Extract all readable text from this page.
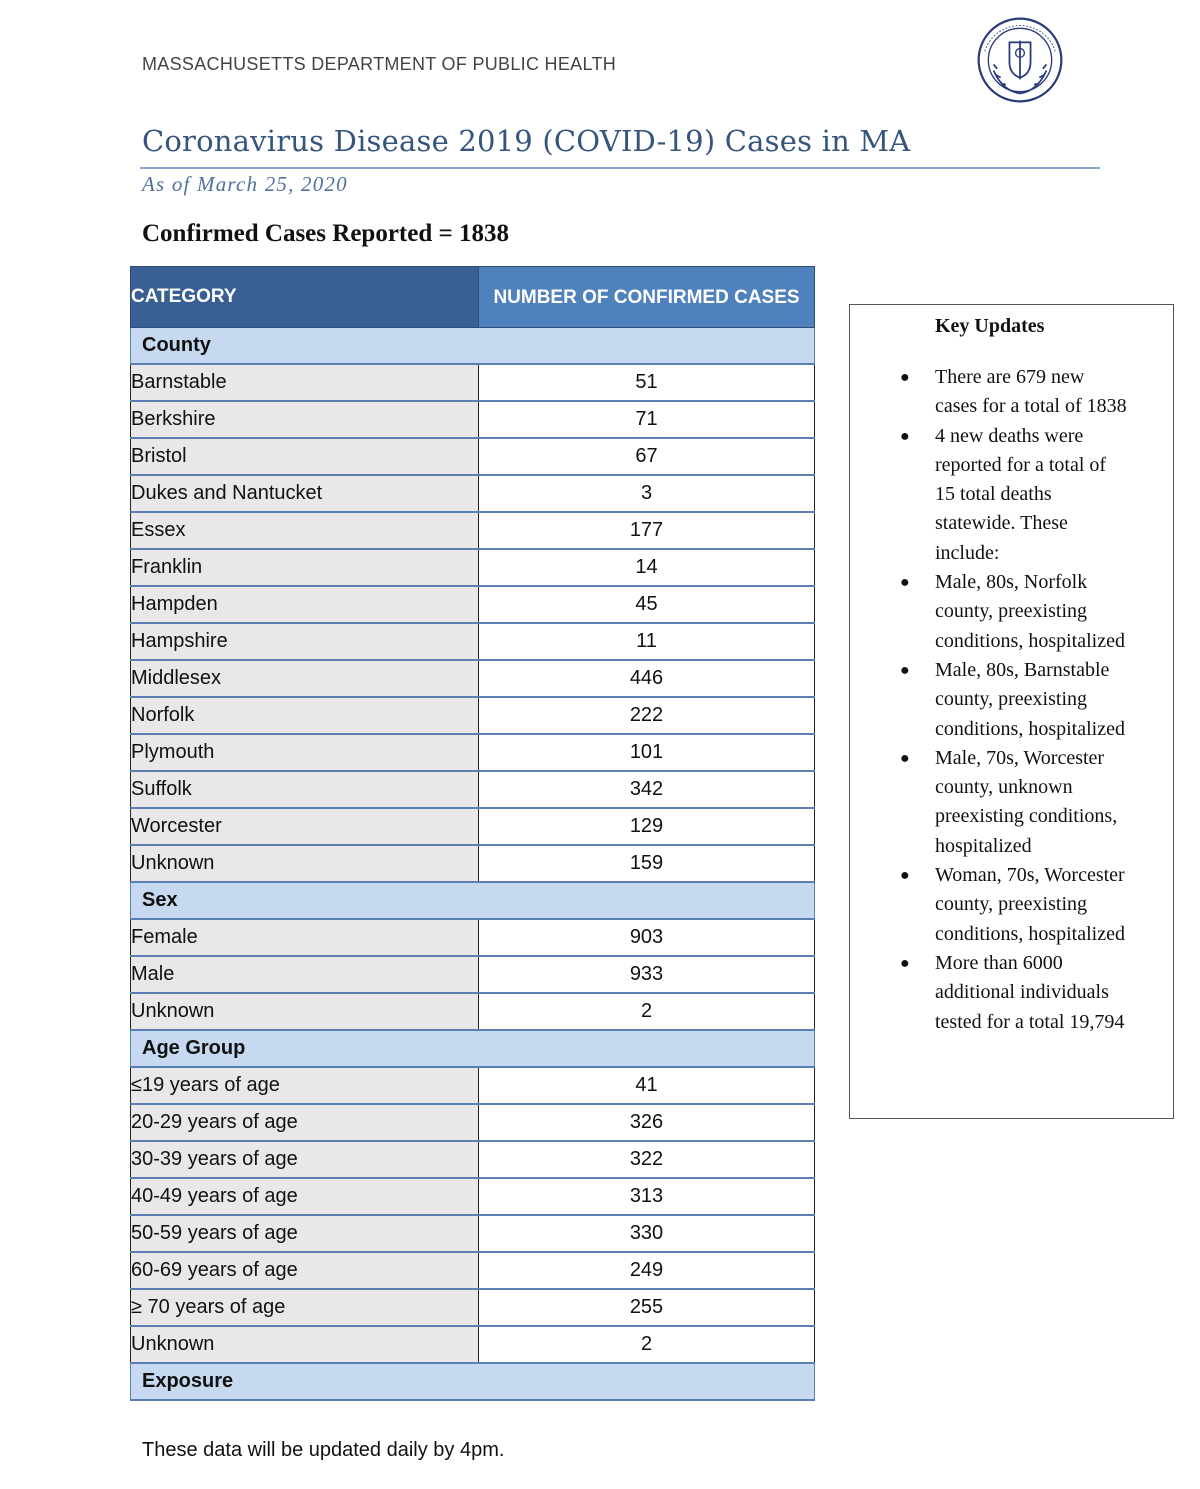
MASSACHUSETTS DEPARTMENT OF PUBLIC HEALTH
Coronavirus Disease 2019 (COVID-19) Cases in MA
As of March 25, 2020
Confirmed Cases Reported = 1838
CATEGORY	NUMBER OF CONFIRMED CASES
County	
Barnstable	51
Berkshire	71
Bristol	67
Dukes and Nantucket	3
Essex	177
Franklin	14
Hampden	45
Hampshire	11
Middlesex	446
Norfolk	222
Plymouth	101
Suffolk	342
Worcester	129
Unknown	159
Sex	
Female	903
Male	933
Unknown	2
Age Group	
≤19 years of age	41
20-29 years of age	326
30-39 years of age	322
40-49 years of age	313
50-59 years of age	330
60-69 years of age	249
≥ 70 years of age	255
Unknown	2
Exposure	
Key Updates
● There are 679 new
cases for a total of 1838
● 4 new deaths were
reported for a total of
15 total deaths
statewide. These
include:
● Male, 80s, Norfolk
county, preexisting
conditions, hospitalized
● Male, 80s, Barnstable
county, preexisting
conditions, hospitalized
● Male, 70s, Worcester
county, unknown
preexisting conditions,
hospitalized
● Woman, 70s, Worcester
county, preexisting
conditions, hospitalized
● More than 6000
additional individuals
tested for a total 19,794
These data will be updated daily by 4pm.
